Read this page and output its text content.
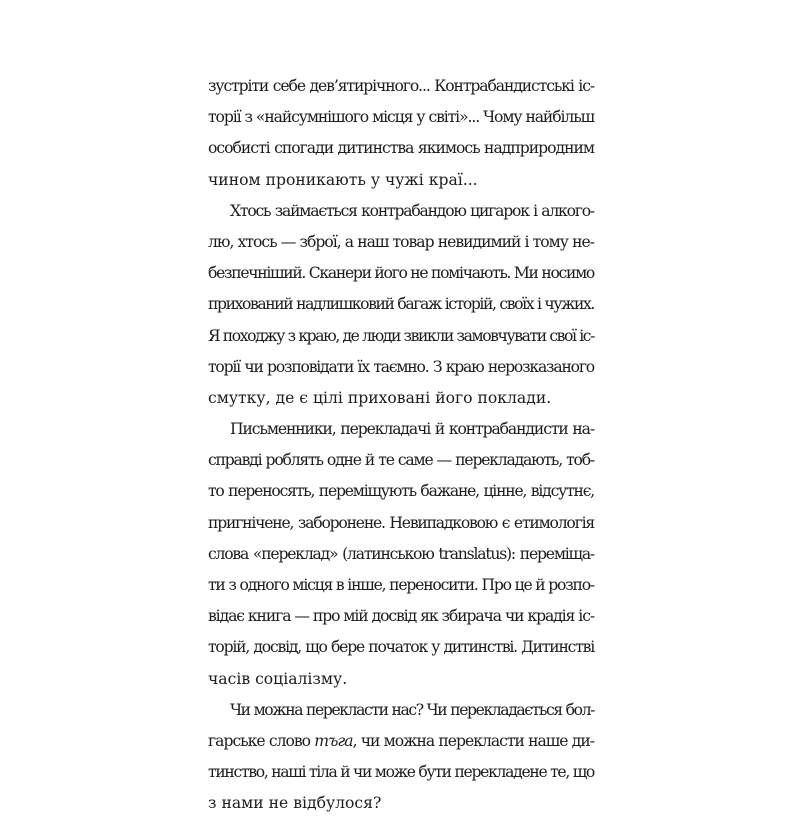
зустріти себе дев’ятирічного... Контрабандистські іс-
торії з «найсумнішого місця у світі»... Чому найбільш
особисті спогади дитинства якимось надприродним
чином проникають у чужі краї...
Хтось займається контрабандою цигарок і алкого-
лю, хтось — зброї, а наш товар невидимий і тому не-
безпечніший. Сканери його не помічають. Ми носимо
прихований надлишковий багаж історій, своїх і чужих.
Я походжу з краю, де люди звикли замовчувати свої іс-
торії чи розповідати їх таємно. З краю нерозказаного
смутку, де є цілі приховані його поклади.
Письменники, перекладачі й контрабандисти на-
справді роблять одне й те саме — перекладають, тоб-
то переносять, переміщують бажане, цінне, відсутнє,
пригнічене, заборонене. Невипадковою є етимологія
слова «переклад» (латинською translatus): переміща-
ти з одного місця в інше, переносити. Про це й розпо-
відає книга — про мій досвід як збирача чи крадія іс-
торій, досвід, що бере початок у дитинстві. Дитинстві
часів соціалізму.
Чи можна перекласти нас? Чи перекладається бол-
гарське слово тъга, чи можна перекласти наше ди-
тинство, наші тіла й чи може бути перекладене те, що
з нами не відбулося?
